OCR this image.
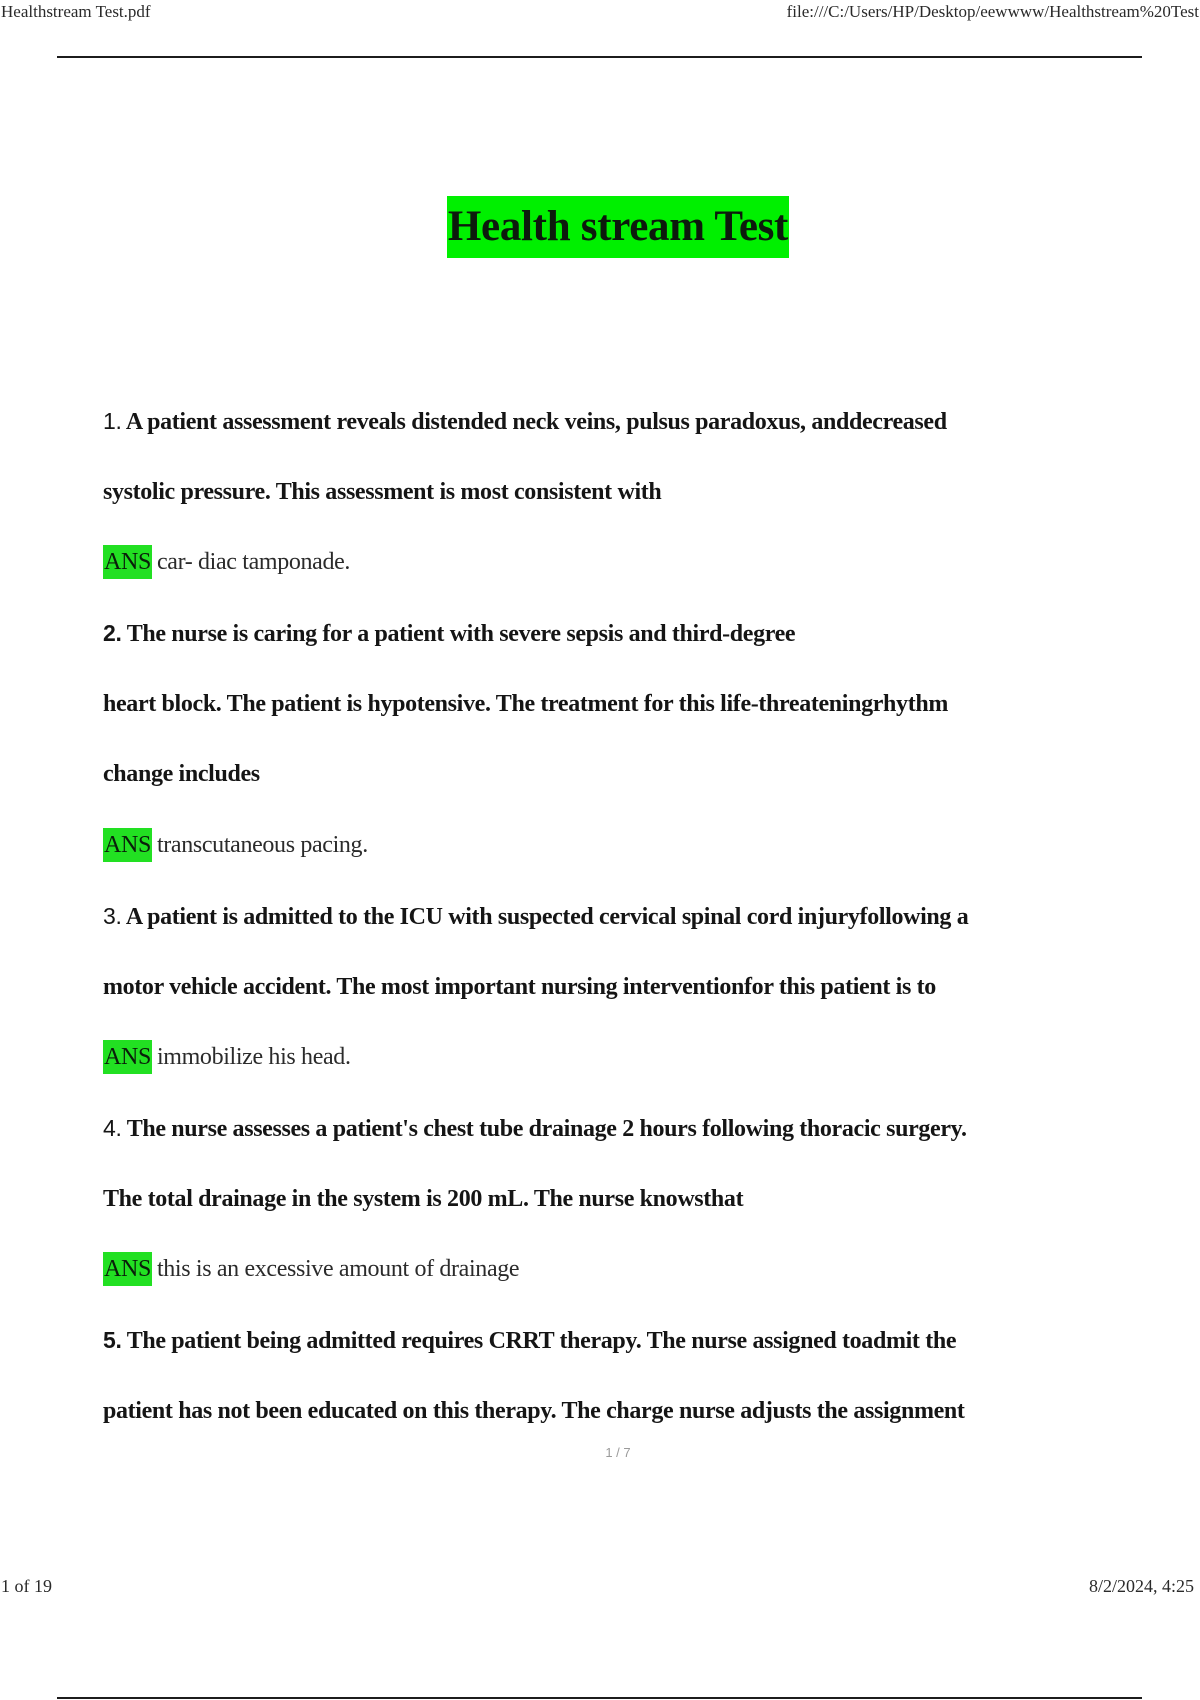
Healthstream Test.pdf	file:///C:/Users/HP/Desktop/eewwww/Healthstream%20Test
Health stream Test
1. A patient assessment reveals distended neck veins, pulsus paradoxus, anddecreased
systolic pressure. This assessment is most consistent with
ANS car- diac tamponade.
2. The nurse is caring for a patient with severe sepsis and third-degree
heart block. The patient is hypotensive. The treatment for this life-threateningrhythm
change includes
ANS transcutaneous pacing.
3. A patient is admitted to the ICU with suspected cervical spinal cord injuryfollowing a
motor vehicle accident. The most important nursing interventionfor this patient is to
ANS immobilize his head.
4. The nurse assesses a patient's chest tube drainage 2 hours following thoracic surgery.
The total drainage in the system is 200 mL. The nurse knowsthat
ANS this is an excessive amount of drainage
5. The patient being admitted requires CRRT therapy. The nurse assigned toadmit the
patient has not been educated on this therapy. The charge nurse adjusts the assignment
1 / 7
1 of 19	8/2/2024, 4:25
